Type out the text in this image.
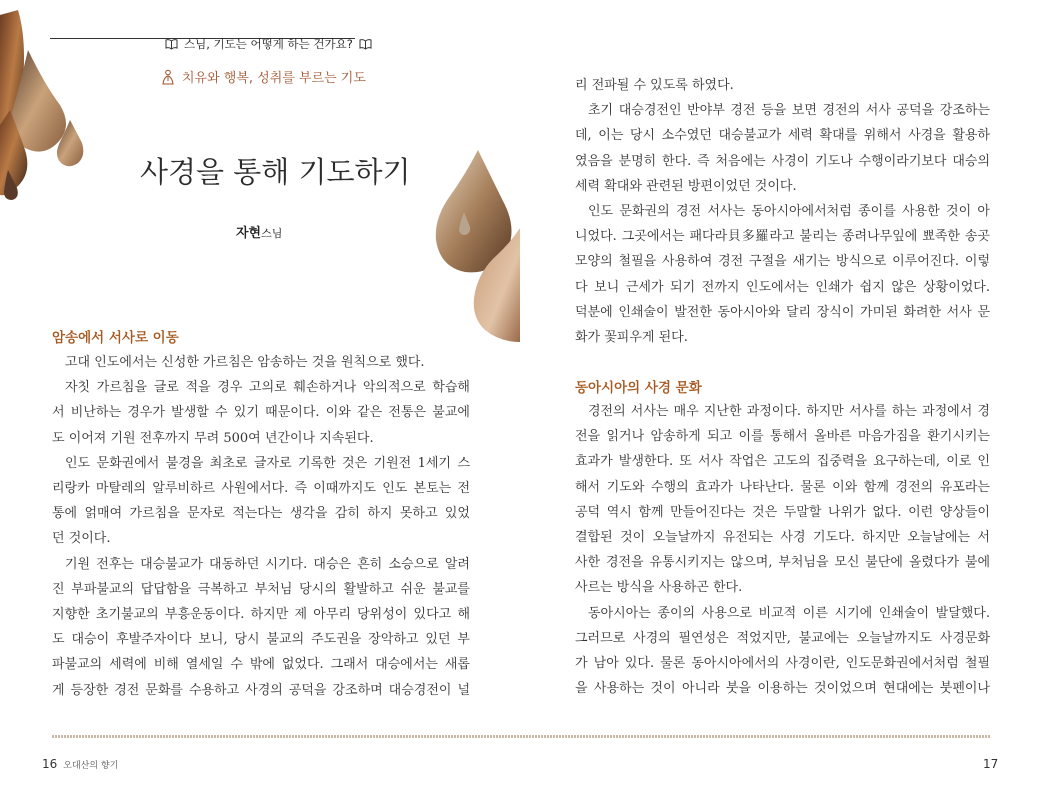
스님, 기도는 어떻게 하는 건가요?
치유와 행복, 성취를 부르는 기도
사경을 통해 기도하기
자현스님
암송에서 서사로 이동

고대 인도에서는 신성한 가르침은 암송하는 것을 원칙으로 했다.

자칫 가르침을 글로 적을 경우 고의로 훼손하거나 악의적으로 학습해

서 비난하는 경우가 발생할 수 있기 때문이다. 이와 같은 전통은 불교에

도 이어져 기원 전후까지 무려 500여 년간이나 지속된다.

인도 문화권에서 불경을 최초로 글자로 기록한 것은 기원전 1세기 스

리랑카 마탈레의 알루비하르 사원에서다. 즉 이때까지도 인도 본토는 전

통에 얽매여 가르침을 문자로 적는다는 생각을 감히 하지 못하고 있었

던 것이다.

기원 전후는 대승불교가 대동하던 시기다. 대승은 흔히 소승으로 알려

진 부파불교의 답답함을 극복하고 부처님 당시의 활발하고 쉬운 불교를

지향한 초기불교의 부흥운동이다. 하지만 제 아무리 당위성이 있다고 해

도 대승이 후발주자이다 보니, 당시 불교의 주도권을 장악하고 있던 부

파불교의 세력에 비해 열세일 수 밖에 없었다. 그래서 대승에서는 새롭

게 등장한 경전 문화를 수용하고 사경의 공덕을 강조하며 대승경전이 널

리 전파될 수 있도록 하였다.

초기 대승경전인 반야부 경전 등을 보면 경전의 서사 공덕을 강조하는

데, 이는 당시 소수였던 대승불교가 세력 확대를 위해서 사경을 활용하

였음을 분명히 한다. 즉 처음에는 사경이 기도나 수행이라기보다 대승의

세력 확대와 관련된 방편이었던 것이다.

인도 문화권의 경전 서사는 동아시아에서처럼 종이를 사용한 것이 아

니었다. 그곳에서는 패다라貝多羅라고 불리는 종려나무잎에 뾰족한 송곳

모양의 철필을 사용하여 경전 구절을 새기는 방식으로 이루어진다. 이렇

다 보니 근세가 되기 전까지 인도에서는 인쇄가 쉽지 않은 상황이었다.

덕분에 인쇄술이 발전한 동아시아와 달리 장식이 가미된 화려한 서사 문

화가 꽃피우게 된다.

동아시아의 사경 문화

경전의 서사는 매우 지난한 과정이다. 하지만 서사를 하는 과정에서 경

전을 읽거나 암송하게 되고 이를 통해서 올바른 마음가짐을 환기시키는

효과가 발생한다. 또 서사 작업은 고도의 집중력을 요구하는데, 이로 인

해서 기도와 수행의 효과가 나타난다. 물론 이와 함께 경전의 유포라는

공덕 역시 함께 만들어진다는 것은 두말할 나위가 없다. 이런 양상들이

결합된 것이 오늘날까지 유전되는 사경 기도다. 하지만 오늘날에는 서

사한 경전을 유통시키지는 않으며, 부처님을 모신 불단에 올렸다가 불에

사르는 방식을 사용하곤 한다.

동아시아는 종이의 사용으로 비교적 이른 시기에 인쇄술이 발달했다.

그러므로 사경의 필연성은 적었지만, 불교에는 오늘날까지도 사경문화

가 남아 있다. 물론 동아시아에서의 사경이란, 인도문화권에서처럼 철필

을 사용하는 것이 아니라 붓을 이용하는 것이었으며 현대에는 붓펜이나

16 오대산의 향기	17
